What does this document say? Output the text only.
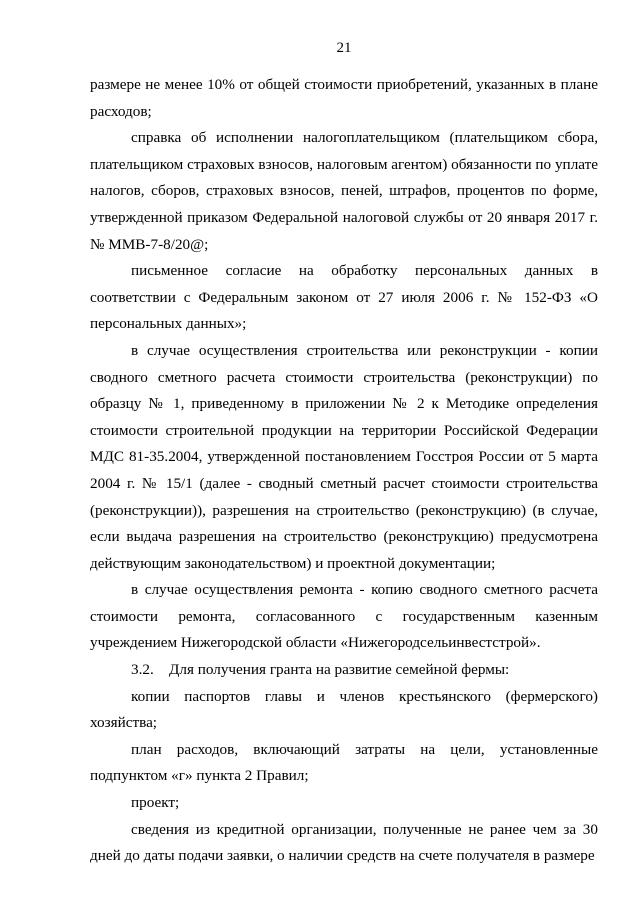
21

размере не менее 10% от общей стоимости приобретений, указанных в плане расходов;

справка об исполнении налогоплательщиком (плательщиком сбора, плательщиком страховых взносов, налоговым агентом) обязанности по уплате налогов, сборов, страховых взносов, пеней, штрафов, процентов по форме, утвержденной приказом Федеральной налоговой службы от 20 января 2017 г. № ММВ-7-8/20@;

письменное согласие на обработку персональных данных в соответствии с Федеральным законом от 27 июля 2006 г. № 152-ФЗ «О персональных данных»;

в случае осуществления строительства или реконструкции - копии сводного сметного расчета стоимости строительства (реконструкции) по образцу № 1, приведенному в приложении № 2 к Методике определения стоимости строительной продукции на территории Российской Федерации МДС 81-35.2004, утвержденной постановлением Госстроя России от 5 марта 2004 г. № 15/1 (далее - сводный сметный расчет стоимости строительства (реконструкции)), разрешения на строительство (реконструкцию) (в случае, если выдача разрешения на строительство (реконструкцию) предусмотрена действующим законодательством) и проектной документации;

в случае осуществления ремонта - копию сводного сметного расчета стоимости ремонта, согласованного с государственным казенным учреждением Нижегородской области «Нижегородсельинвестстрой».

3.2. Для получения гранта на развитие семейной фермы:

копии паспортов главы и членов крестьянского (фермерского) хозяйства;

план расходов, включающий затраты на цели, установленные подпунктом «г» пункта 2 Правил;

проект;

сведения из кредитной организации, полученные не ранее чем за 30 дней до даты подачи заявки, о наличии средств на счете получателя в размере
